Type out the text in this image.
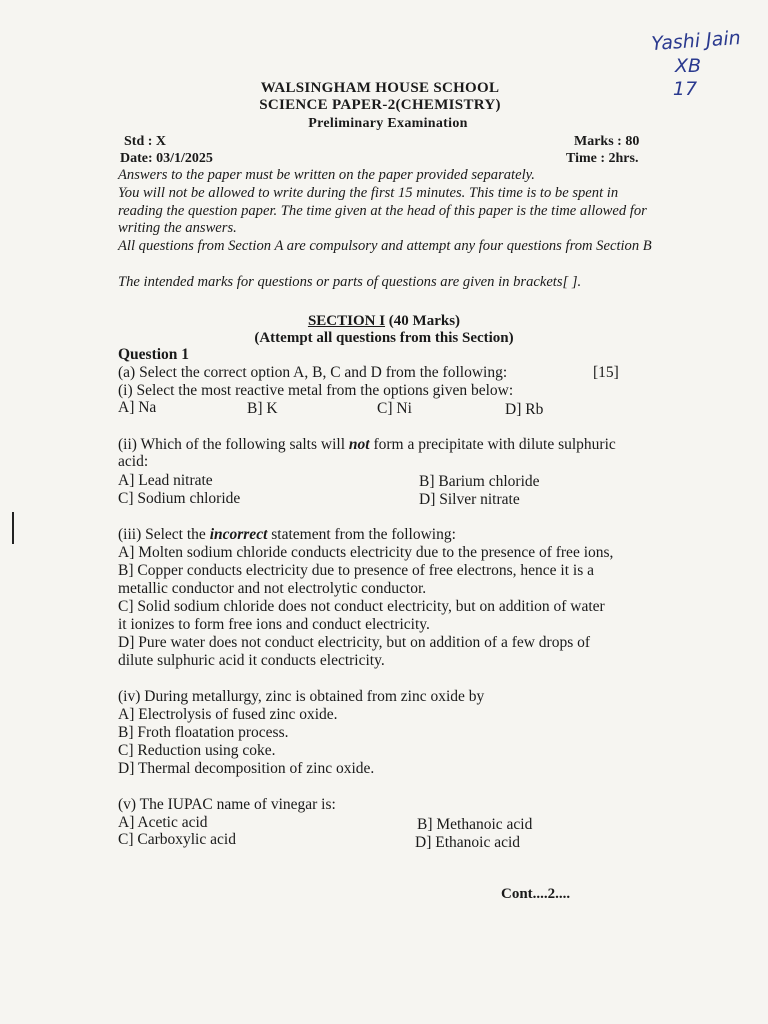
Yashi Jain
XB
17
WALSINGHAM HOUSE SCHOOL
SCIENCE PAPER-2(CHEMISTRY)
Preliminary Examination
Std : X	Marks : 80
Date: 03/1/2025	Time : 2hrs.
Answers to the paper must be written on the paper provided separately.
You will not be allowed to write during the first 15 minutes. This time is to be spent in reading the question paper. The time given at the head of this paper is the time allowed for writing the answers.
All questions from Section A are compulsory and attempt any four questions from Section B
The intended marks for questions or parts of questions are given in brackets[ ].
SECTION I (40 Marks)
(Attempt all questions from this Section)
Question 1
(a) Select the correct option A, B, C and D from the following:	[15]
(i) Select the most reactive metal from the options given below:
A] Na	B] K	C] Ni	D] Rb
(ii) Which of the following salts will not form a precipitate with dilute sulphuric
acid:
A] Lead nitrate	B] Barium chloride
C] Sodium chloride	D] Silver nitrate
(iii) Select the incorrect statement from the following:
A] Molten sodium chloride conducts electricity due to the presence of free ions,
B] Copper conducts electricity due to presence of free electrons, hence it is a
metallic conductor and not electrolytic conductor.
C] Solid sodium chloride does not conduct electricity, but on addition of water
it ionizes to form free ions and conduct electricity.
D] Pure water does not conduct electricity, but on addition of a few drops of
dilute sulphuric acid it conducts electricity.
(iv) During metallurgy, zinc is obtained from zinc oxide by
A] Electrolysis of fused zinc oxide.
B] Froth floatation process.
C] Reduction using coke.
D] Thermal decomposition of zinc oxide.
(v) The IUPAC name of vinegar is:
A] Acetic acid	B] Methanoic acid
C] Carboxylic acid	D] Ethanoic acid
Cont....2....
